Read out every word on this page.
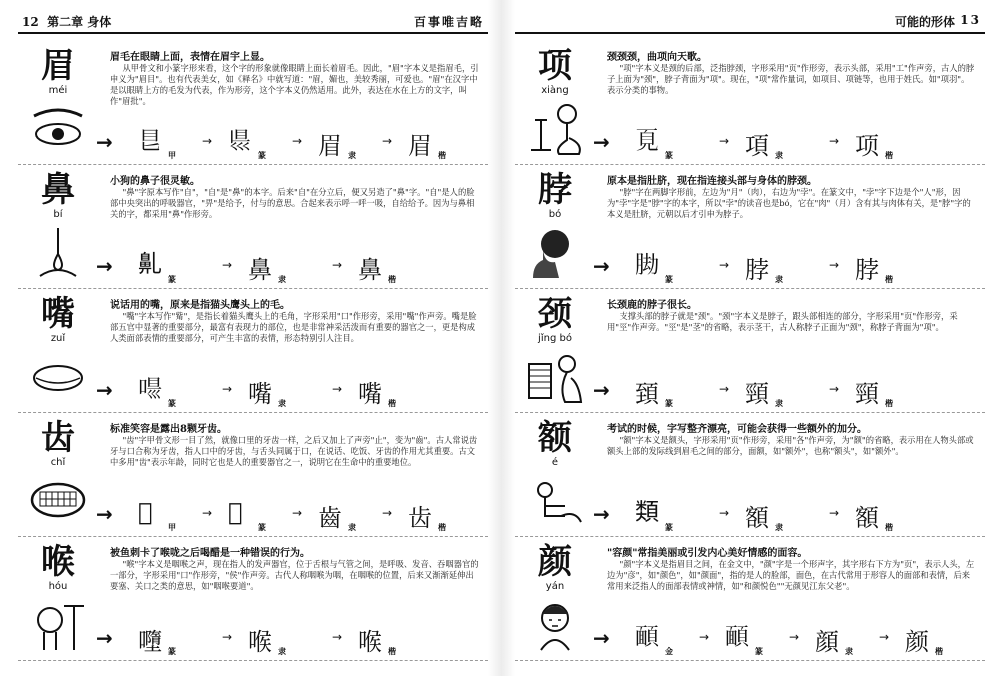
12 第二章 身体	百事唯吉略
眉
méi
眉毛在眼睛上面，表情在眉宇上显。
从甲骨文和小篆字形来看，这个字的形象就像眼睛上面长着眉毛。因此，"眉"字本义是指眉毛，引申义为"眉目"。也有代表美女，如《释名》中就写道："眉，媚也，美较秀丽，可爱也。"眉"在汉字中是以眼睛上方的毛发为代表，作为形旁，这个字本义仍然适用。此外，表达在水在上方的文字，叫作"眉批"。
→ 𥃩 甲
→ 𥄉 篆
→ 眉 隶
→ 眉 楷
鼻
bí
小狗的鼻子很灵敏。
"鼻"字原本写作"自"，"自"是"鼻"的本字。后来"自"在分立后，便又另造了"鼻"字。"自"是人的脸部中央突出的呼吸器官，"畀"是给予，付与的意思。合起来表示呼一呼一吸，自给给予。因为与鼻相关的字，都采用"鼻"作形旁。
→ 𪖐
篆
→ 鼻 隶
→ 鼻 楷
嘴
zuǐ
说话用的嘴，原来是指猫头鹰头上的毛。
"嘴"字本写作"觜"，是指长着猫头鹰头上的毛角，字形采用"口"作形旁，采用"嘴"作声旁。嘴是脸部五官中显著的重要部分，最富有表现力的部位，也是非常神采活泼而有重要的器官之一，更是构成人类面部表情的重要部分，可产生丰富的表情，形态特别引人注目。
→ 𠸵 篆
→ 嘴 隶
→ 嘴 楷
齿
chǐ
标准笑容是露出8颗牙齿。
"齿"字甲骨文形一目了然，就像口里的牙齿一样，之后又加上了声旁"止"，变为"齒"。古人常说齿牙与口合称为牙齿，指人口中的牙齿，与舌头同属于口，在说话、吃饭、牙齿的作用尤其重要。古文中多用"齿"表示年龄，同时它也是人的重要器官之一，说明它在生命中的重要地位。
→ 𠚕
甲
→ 𪗓
篆
→ 齒 隶
→ 齿 楷
喉
hóu
被鱼刺卡了喉咙之后喝醋是一种错误的行为。
"喉"字本义是咽喉之声，现在指人的发声器官，位于舌根与气管之间，是呼吸、发音、吞咽器官的一部分，字形采用"口"作形旁，"侯"作声旁。古代人称咽喉为咽，在咽喉的位置，后来又渐渐延伸出要塞、关口之类的意思，如"咽喉要道"。
→ 𡃏 篆
→ 喉 隶
→ 喉 楷
可能的形体 13
项
xiàng
颈颈颈，曲项向天歌。
"项"字本义是颈的后部，泛指脖颈，字形采用"页"作形旁，表示头部，采用"工"作声旁，古人的脖子上面为"颈"，脖子背面为"项"。现在，"项"常作量词，如项目、项链等，也用于姓氏。如"项羽"。表示分类的事物。
→ 𩑋 篆
→ 項 隶
→ 项 楷
脖
bó
原本是指肚脐，现在指连接头部与身体的脖颈。
"脖"字在两脚字形前，左边为"月"（肉），右边为"孛"。在篆文中，"孛"字下边是个"人"形，因为"孛"字是"脖"字的本字，所以"孛"的读音也是bó，它在"肉"（月）含有其与肉体有关，是"脖"字的本义是肚脐，元朝以后才引申为脖子。
→ 𦛕 篆
→ 脖 隶
→ 脖 楷
颈
jǐng bó
长颈鹿的脖子很长。
支撑头部的脖子就是"颈"。"颈"字本义是脖子，跟头部相连的部分，字形采用"页"作形旁，采用"巠"作声旁。"巠"是"茎"的省略，表示茎干，古人称脖子正面为"颈"，称脖子背面为"项"。
→ 𩒐 篆
→ 頸 隶
→ 頸 楷
额
é
考试的时候，字写整齐漂亮，可能会获得一些额外的加分。
"额"字本义是额头，字形采用"页"作形旁，采用"各"作声旁，为"额"的省略，表示用在人物头部或额头上部的发际线到眉毛之间的部分，面额，如"额外"，也称"额头"，如"额外"。
→ 𩔖
篆
→ 額 隶
→ 額 楷
颜
yán
"容颜"常指美丽或引发内心美好情感的面容。
"颜"字本义是指眉目之间，在金文中，"颜"字是一个形声字，其字形右下方为"页"，表示人头，左边为"彦"，如"颜色"，如"颜面"，指的是人的脸部，面色，在古代常用于形容人的面部和表情，后来常用来泛指人的面部表情或神情，如"和颜悦色""无颜见江东父老"。
→ 𩔁 金
→ 𩔁 篆
→ 顔 隶
→ 颜 楷
